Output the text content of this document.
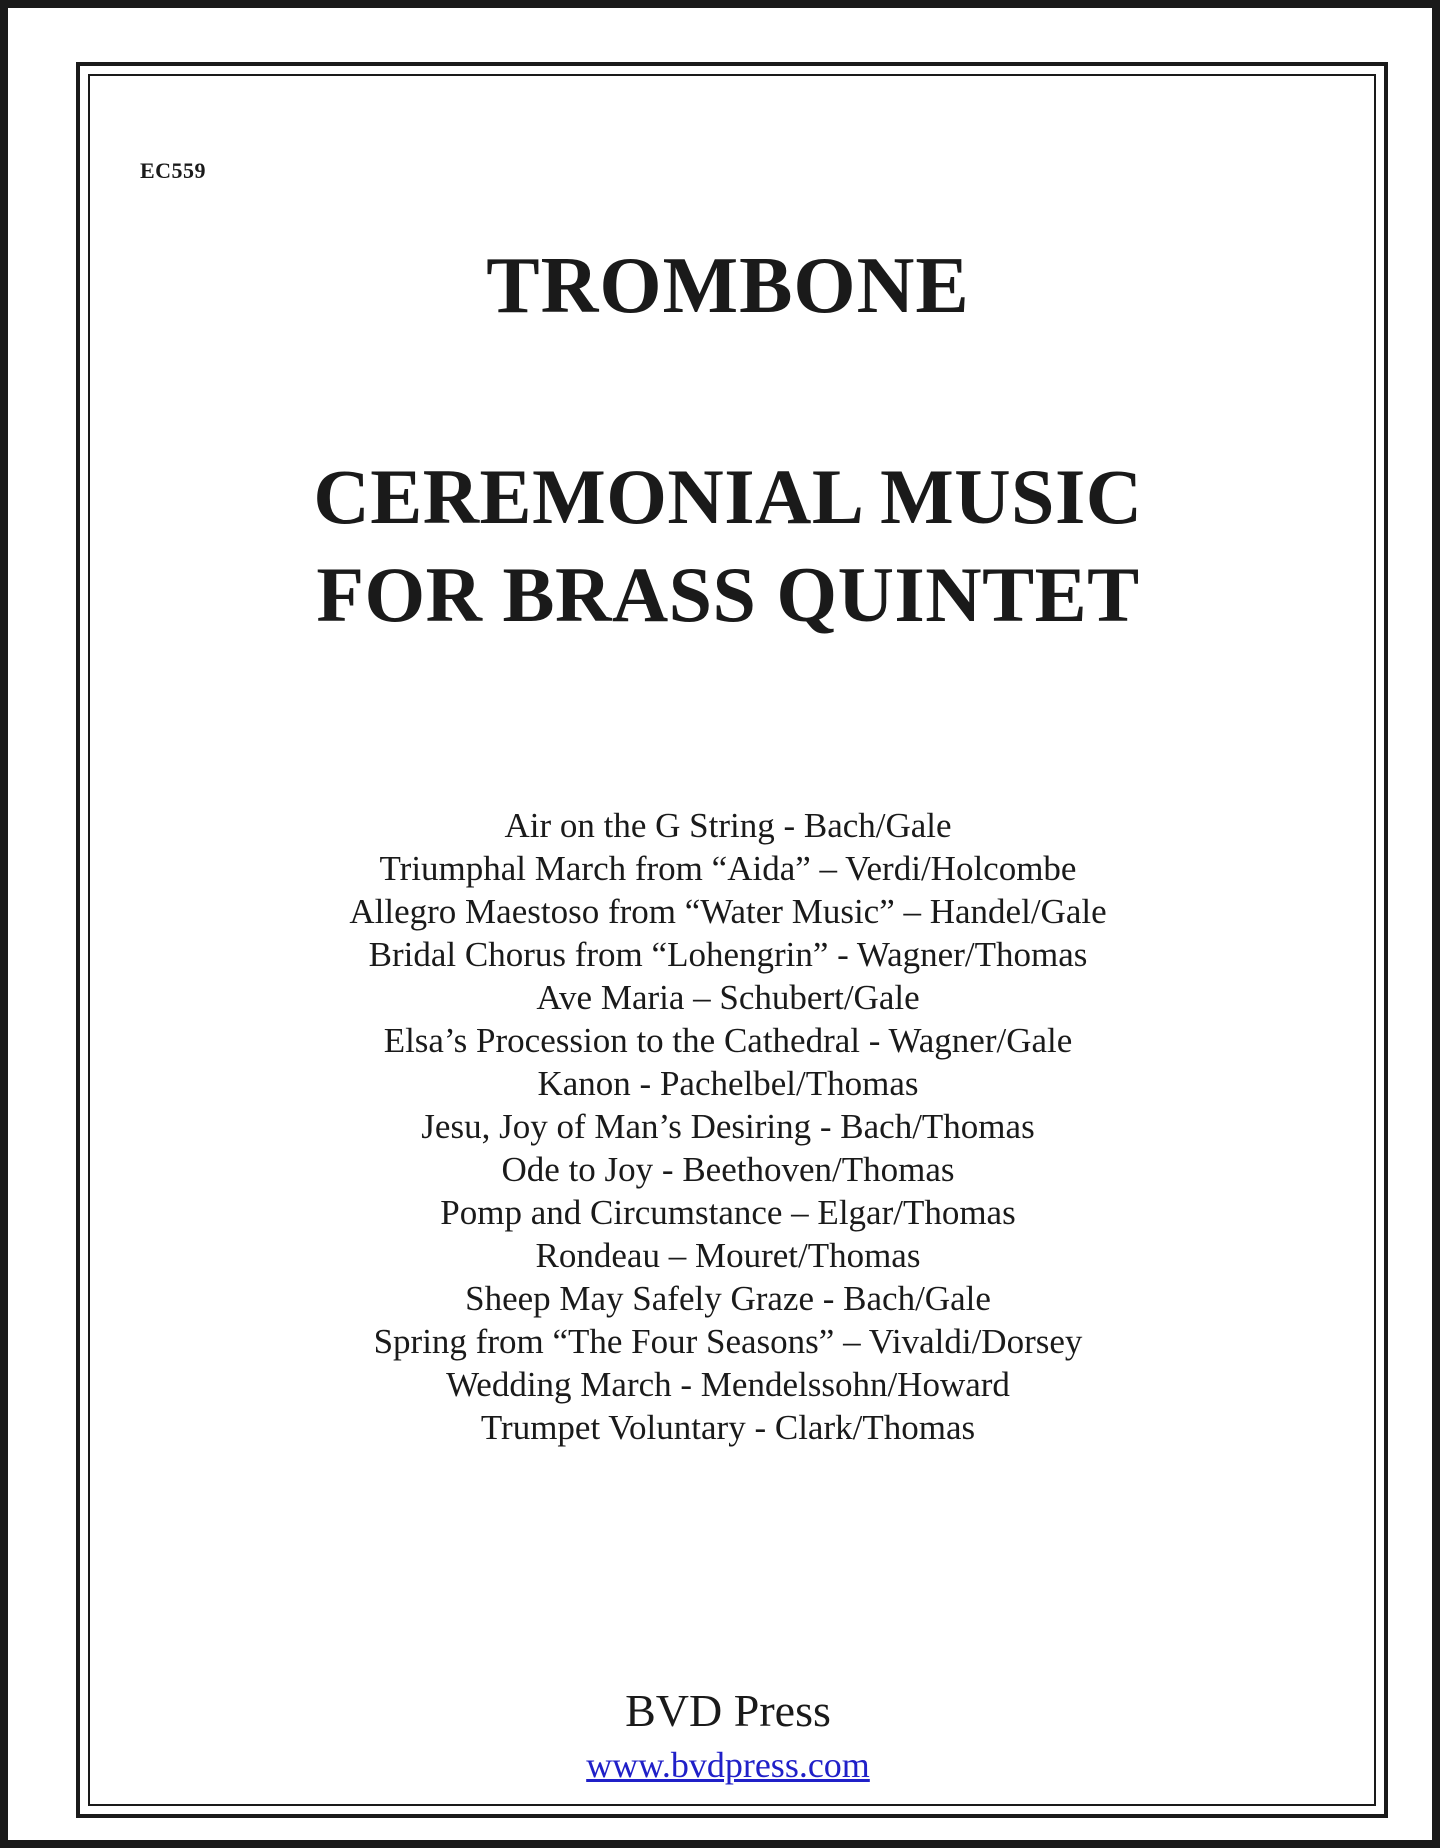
EC559
TROMBONE
CEREMONIAL MUSIC
FOR BRASS QUINTET
Air on the G String - Bach/Gale
Triumphal March from “Aida” – Verdi/Holcombe
Allegro Maestoso from “Water Music” – Handel/Gale
Bridal Chorus from “Lohengrin” - Wagner/Thomas
Ave Maria – Schubert/Gale
Elsa’s Procession to the Cathedral - Wagner/Gale
Kanon - Pachelbel/Thomas
Jesu, Joy of Man’s Desiring - Bach/Thomas
Ode to Joy - Beethoven/Thomas
Pomp and Circumstance – Elgar/Thomas
Rondeau – Mouret/Thomas
Sheep May Safely Graze - Bach/Gale
Spring from “The Four Seasons” – Vivaldi/Dorsey
Wedding March - Mendelssohn/Howard
Trumpet Voluntary - Clark/Thomas
BVD Press
www.bvdpress.com
